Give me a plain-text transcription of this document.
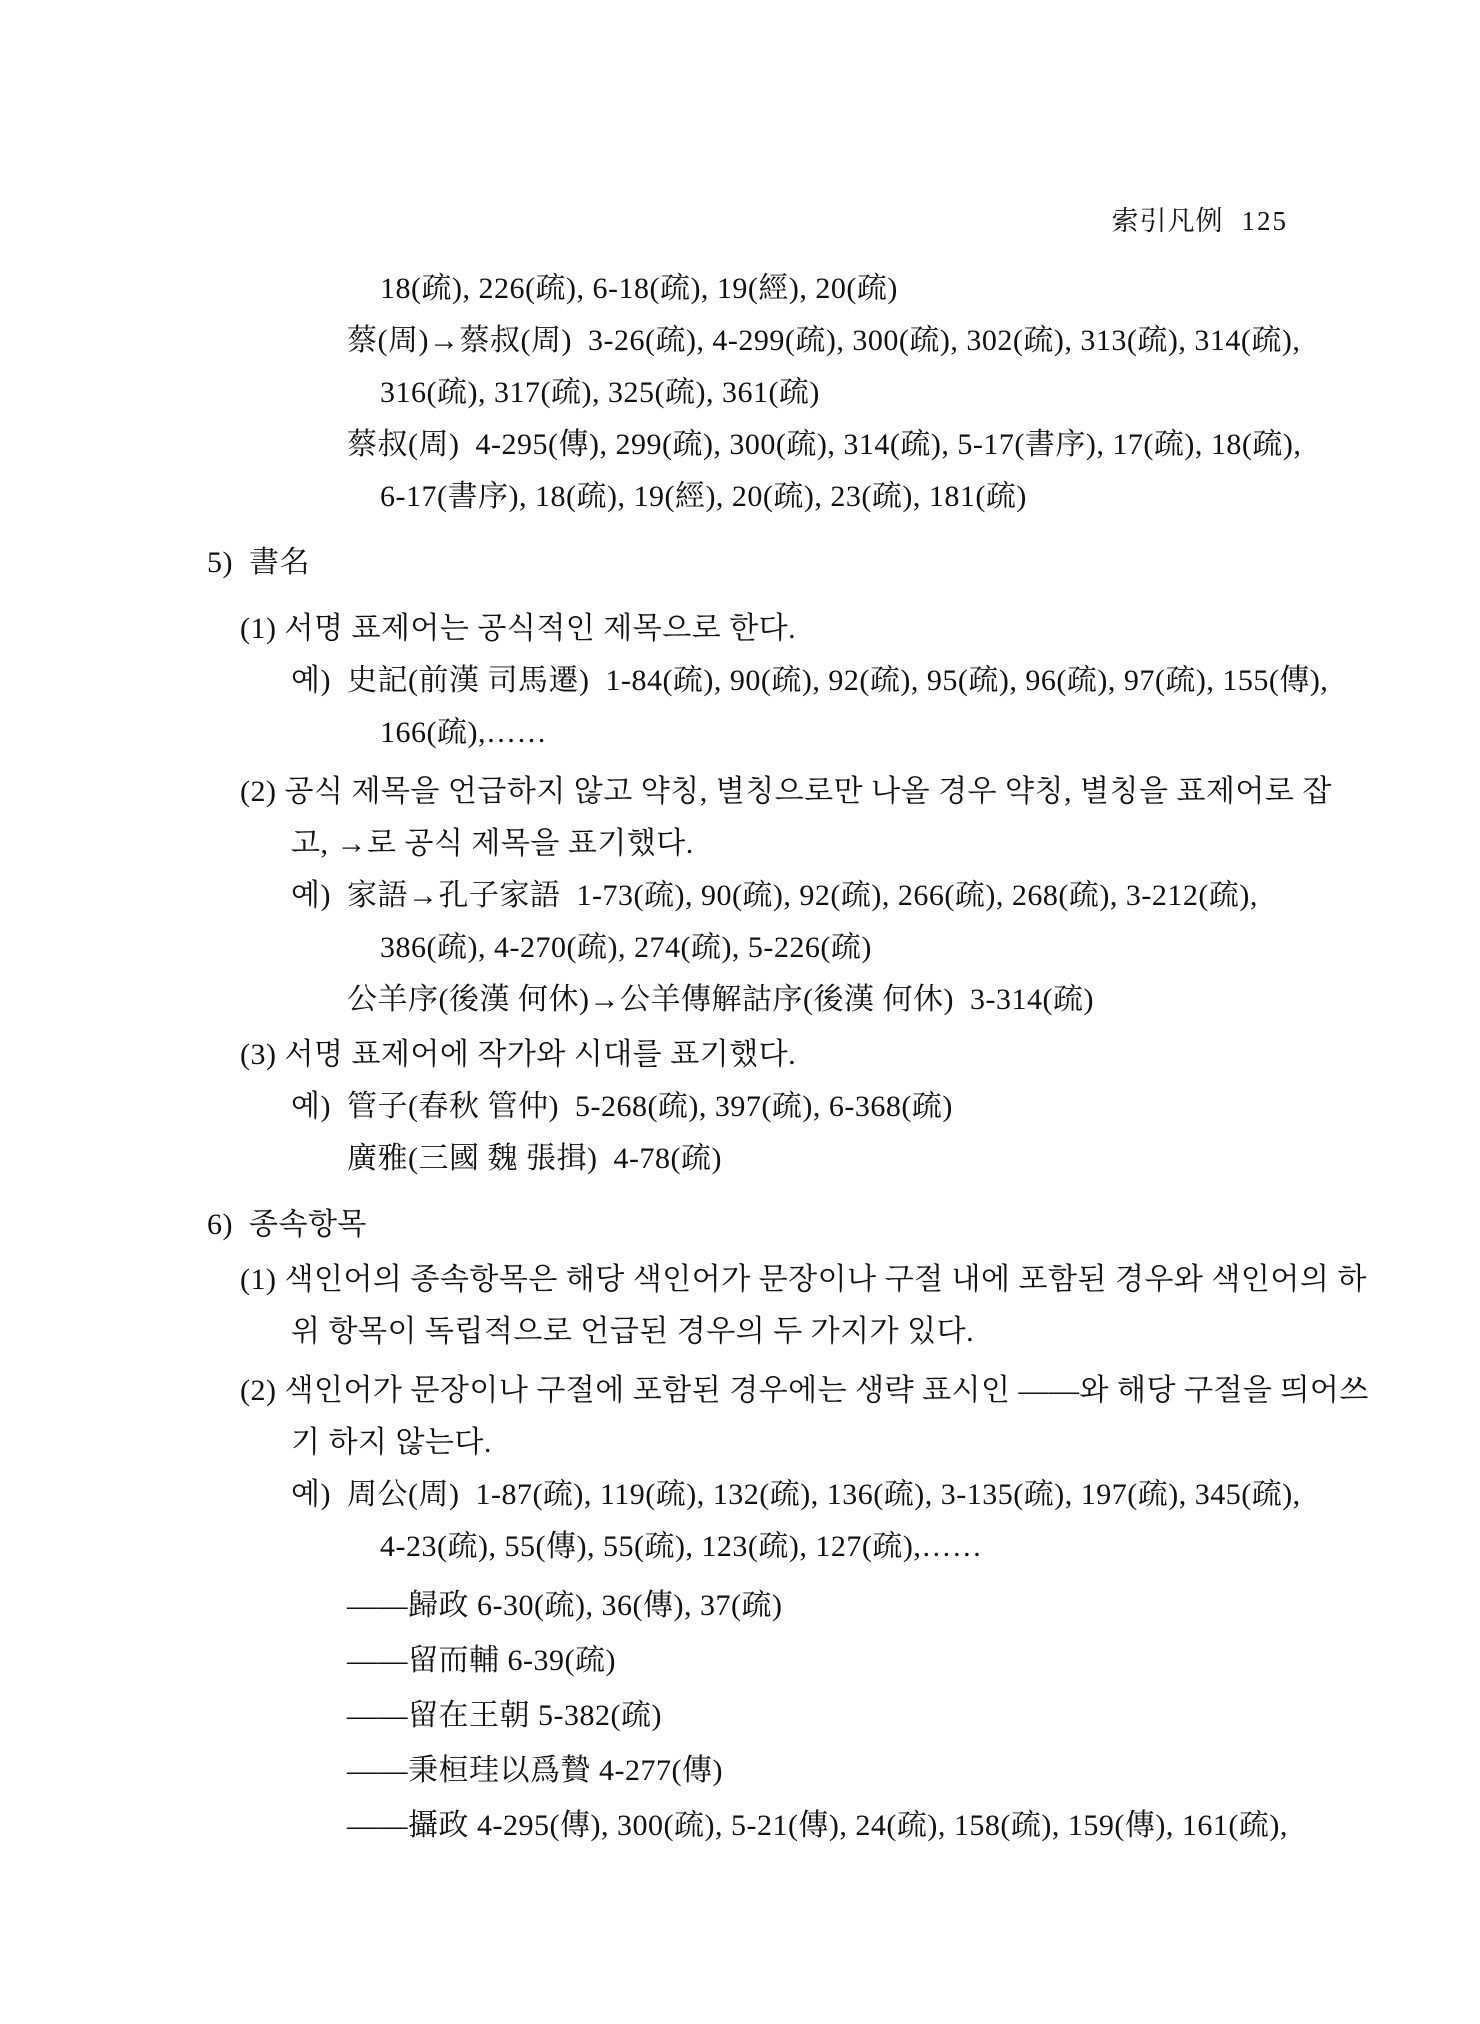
索引凡例 125

18(疏), 226(疏), 6-18(疏), 19(經), 20(疏)
蔡(周)→蔡叔(周)  3-26(疏), 4-299(疏), 300(疏), 302(疏), 313(疏), 314(疏),
316(疏), 317(疏), 325(疏), 361(疏)
蔡叔(周)  4-295(傳), 299(疏), 300(疏), 314(疏), 5-17(書序), 17(疏), 18(疏),
6-17(書序), 18(疏), 19(經), 20(疏), 23(疏), 181(疏)
5)  書名
(1) 서명 표제어는 공식적인 제목으로 한다.
예)  史記(前漢 司馬遷)  1-84(疏), 90(疏), 92(疏), 95(疏), 96(疏), 97(疏), 155(傳),
166(疏),……
(2) 공식 제목을 언급하지 않고 약칭, 별칭으로만 나올 경우 약칭, 별칭을 표제어로 잡
고, →로 공식 제목을 표기했다.
예)  家語→孔子家語  1-73(疏), 90(疏), 92(疏), 266(疏), 268(疏), 3-212(疏),
386(疏), 4-270(疏), 274(疏), 5-226(疏)
公羊序(後漢 何休)→公羊傳解詁序(後漢 何休)  3-314(疏)
(3) 서명 표제어에 작가와 시대를 표기했다.
예)  管子(春秋 管仲)  5-268(疏), 397(疏), 6-368(疏)
廣雅(三國 魏 張揖)  4-78(疏)
6)  종속항목
(1) 색인어의 종속항목은 해당 색인어가 문장이나 구절 내에 포함된 경우와 색인어의 하
위 항목이 독립적으로 언급된 경우의 두 가지가 있다.
(2) 색인어가 문장이나 구절에 포함된 경우에는 생략 표시인 ——와 해당 구절을 띄어쓰
기 하지 않는다.
예)  周公(周)  1-87(疏), 119(疏), 132(疏), 136(疏), 3-135(疏), 197(疏), 345(疏),
4-23(疏), 55(傳), 55(疏), 123(疏), 127(疏),……
——歸政 6-30(疏), 36(傳), 37(疏)
——留而輔 6-39(疏)
——留在王朝 5-382(疏)
——秉桓珪以爲贄 4-277(傳)
——攝政 4-295(傳), 300(疏), 5-21(傳), 24(疏), 158(疏), 159(傳), 161(疏),
